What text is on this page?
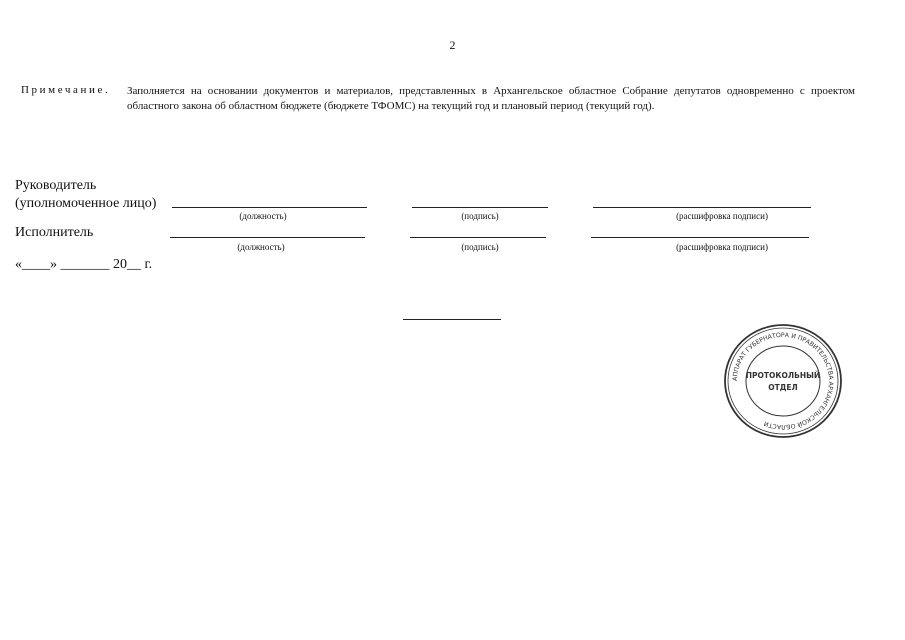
2
Примечание. Заполняется на основании документов и материалов, представленных в Архангельское областное Собрание депутатов одновременно с проектом областного закона об областном бюджете (бюджете ТФОМС) на текущий год и плановый период (текущий год).
Руководитель
(уполномоченное лицо)
(должность)	(подпись)	(расшифровка подписи)
Исполнитель
(должность)	(подпись)	(расшифровка подписи)
«____» _______ 20__ г.
АППАРАТ ГУБЕРНАТОРА И ПРАВИТЕЛЬСТВА АРХАНГЕЛЬСКОЙ ОБЛАСТИ
ПРОТОКОЛЬНЫЙ
ОТДЕЛ
